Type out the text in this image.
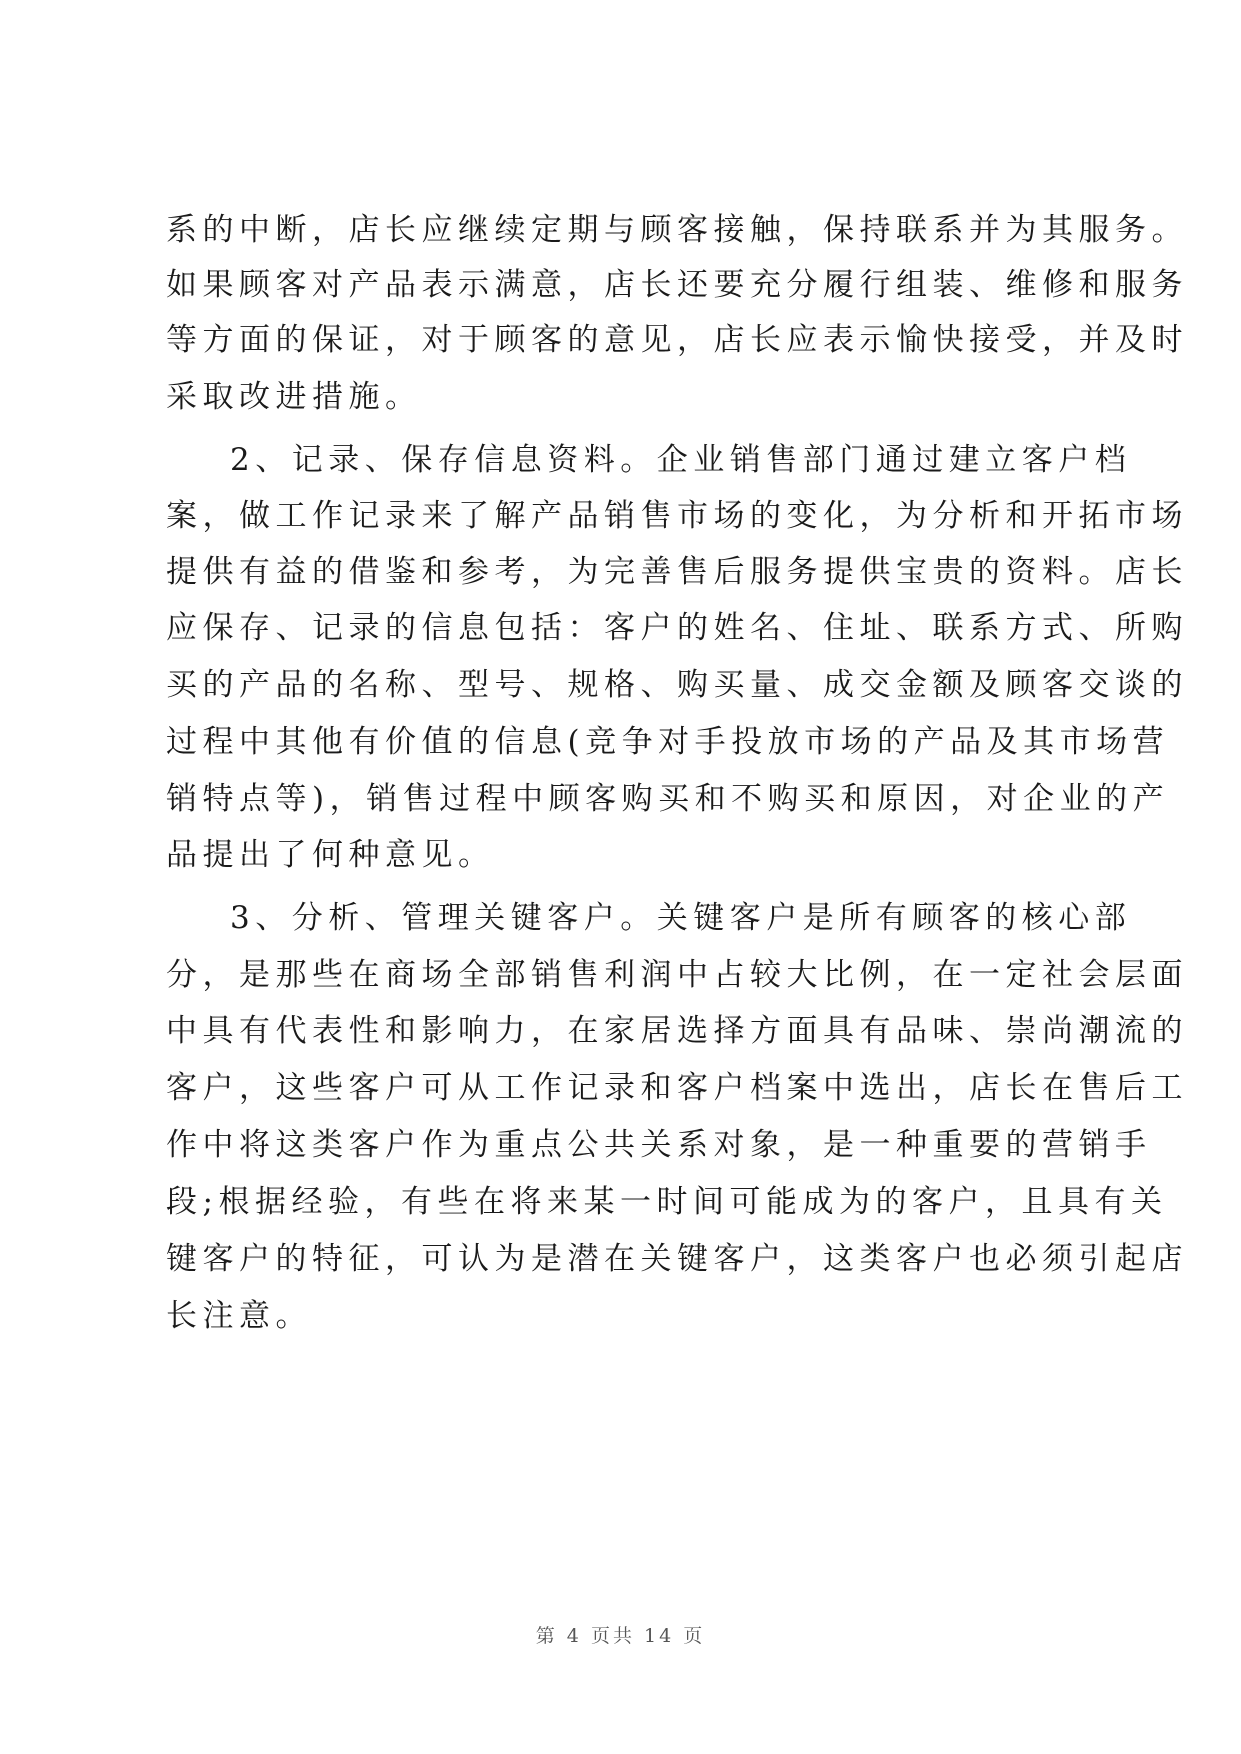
系的中断，店长应继续定期与顾客接触，保持联系并为其服务。
如果顾客对产品表示满意，店长还要充分履行组装、维修和服务
等方面的保证，对于顾客的意见，店长应表示愉快接受，并及时
采取改进措施。
2、记录、保存信息资料。企业销售部门通过建立客户档
案，做工作记录来了解产品销售市场的变化，为分析和开拓市场
提供有益的借鉴和参考，为完善售后服务提供宝贵的资料。店长
应保存、记录的信息包括：客户的姓名、住址、联系方式、所购
买的产品的名称、型号、规格、购买量、成交金额及顾客交谈的
过程中其他有价值的信息(竞争对手投放市场的产品及其市场营
销特点等)，销售过程中顾客购买和不购买和原因，对企业的产
品提出了何种意见。
3、分析、管理关键客户。关键客户是所有顾客的核心部
分，是那些在商场全部销售利润中占较大比例，在一定社会层面
中具有代表性和影响力，在家居选择方面具有品味、崇尚潮流的
客户，这些客户可从工作记录和客户档案中选出，店长在售后工
作中将这类客户作为重点公共关系对象，是一种重要的营销手
段;根据经验，有些在将来某一时间可能成为的客户，且具有关
键客户的特征，可认为是潜在关键客户，这类客户也必须引起店
长注意。
第 4 页共 14 页
